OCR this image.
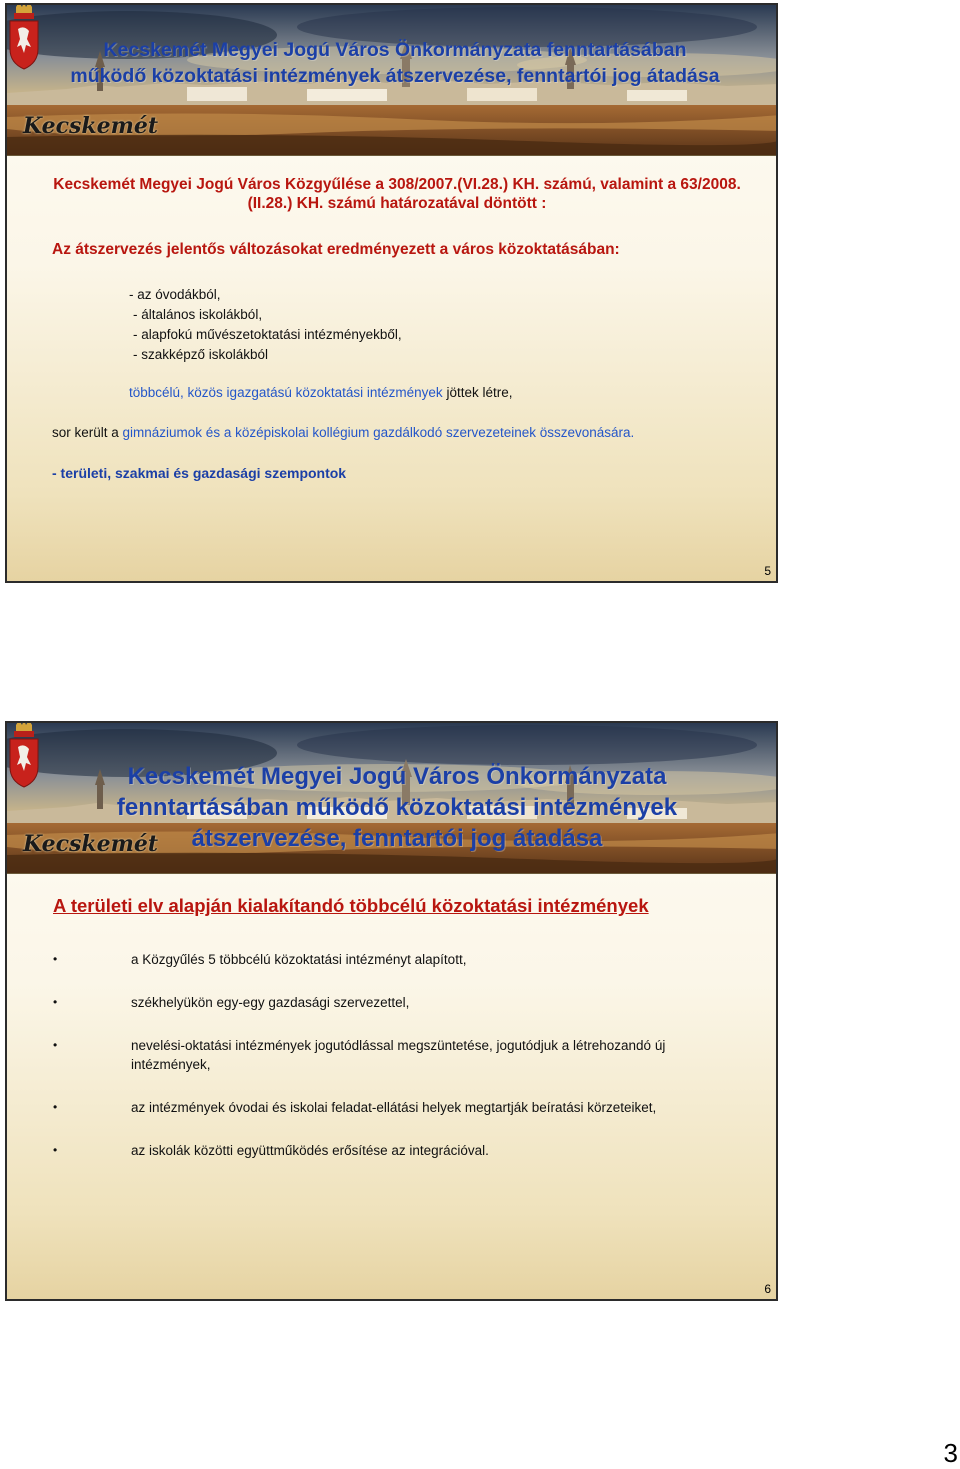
Kecskemét
Kecskemét Megyei Jogú Város Önkormányzata fenntartásában működő közoktatási intézmények átszervezése, fenntartói jog átadása
Kecskemét Megyei Jogú Város Közgyűlése a 308/2007.(VI.28.) KH. számú, valamint a 63/2008.(II.28.) KH. számú határozatával döntött :
Az átszervezés jelentős változásokat eredményezett a város közoktatásában:
- az óvodákból,
- általános iskolákból,
- alapfokú művészetoktatási intézményekből,
- szakképző iskolákból
többcélú, közös igazgatású közoktatási intézmények jöttek létre,
sor került a gimnáziumok és a középiskolai kollégium gazdálkodó szervezeteinek összevonására.
- területi, szakmai és gazdasági szempontok
5
Kecskemét
Kecskemét Megyei Jogú Város Önkormányzata fenntartásában működő közoktatási intézmények átszervezése, fenntartói jog átadása
A területi elv alapján kialakítandó többcélú közoktatási intézmények
•	a Közgyűlés 5 többcélú közoktatási intézményt alapított,
•	székhelyükön egy-egy gazdasági szervezettel,
•	nevelési-oktatási intézmények jogutódlással megszüntetése, jogutódjuk a létrehozandó új intézmények,
•	az intézmények óvodai és iskolai feladat-ellátási helyek megtartják beíratási körzeteiket,
•	az iskolák közötti együttműködés erősítése az integrációval.
6
3
